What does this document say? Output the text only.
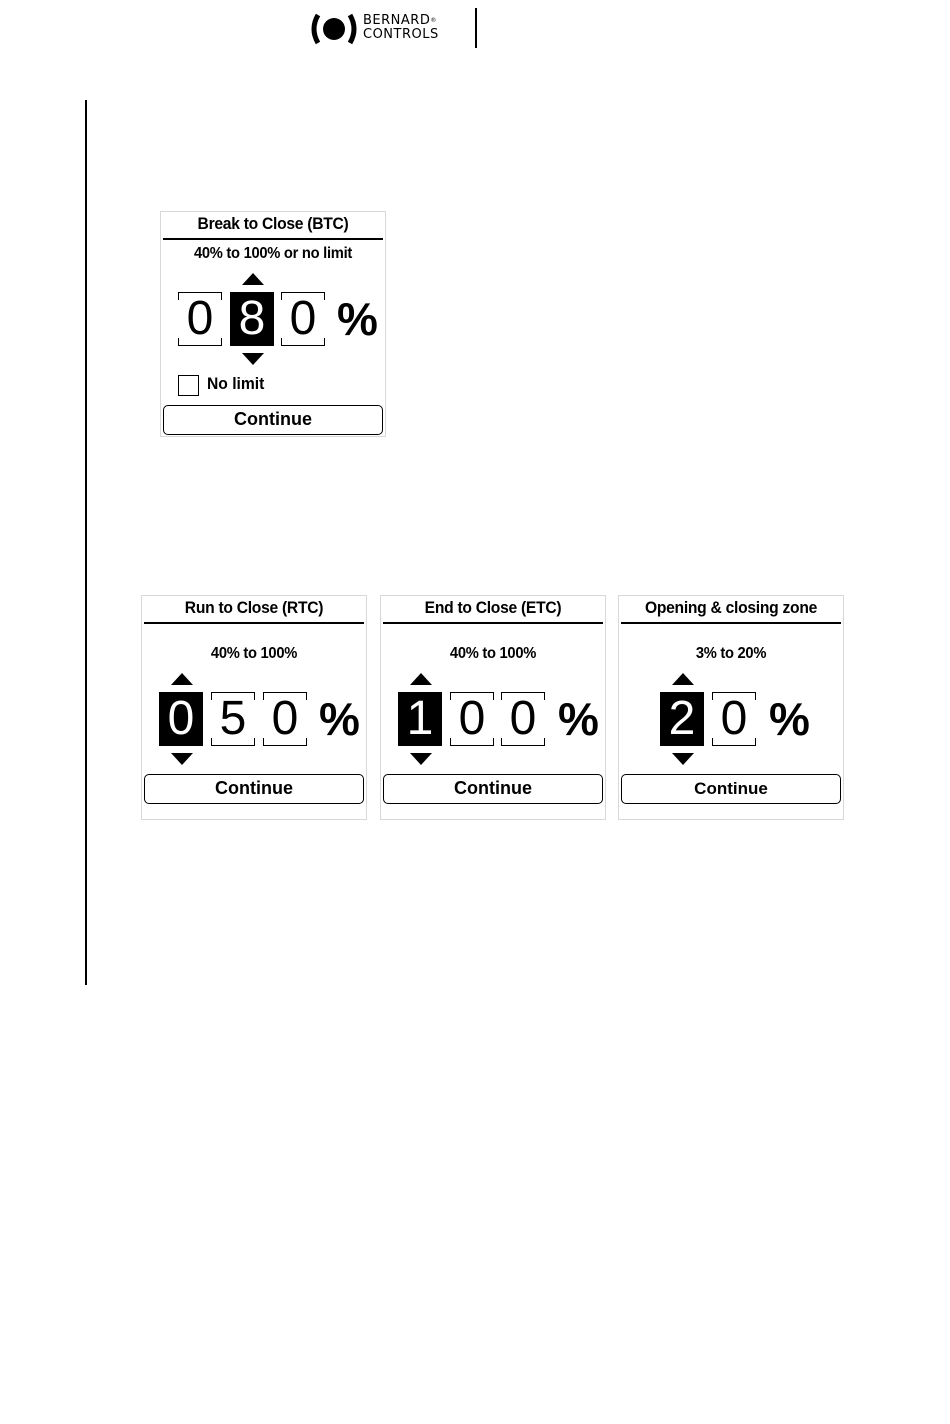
BERNARD®
CONTROLS
Break to Close (BTC)
40% to 100% or no limit
0 8 0 %
No limit
Continue
Run to Close (RTC)
40% to 100%
0 5 0 %
Continue
End to Close (ETC)
40% to 100%
1 0 0 %
Continue
Opening & closing zone
3% to 20%
2 0 %
Continue
